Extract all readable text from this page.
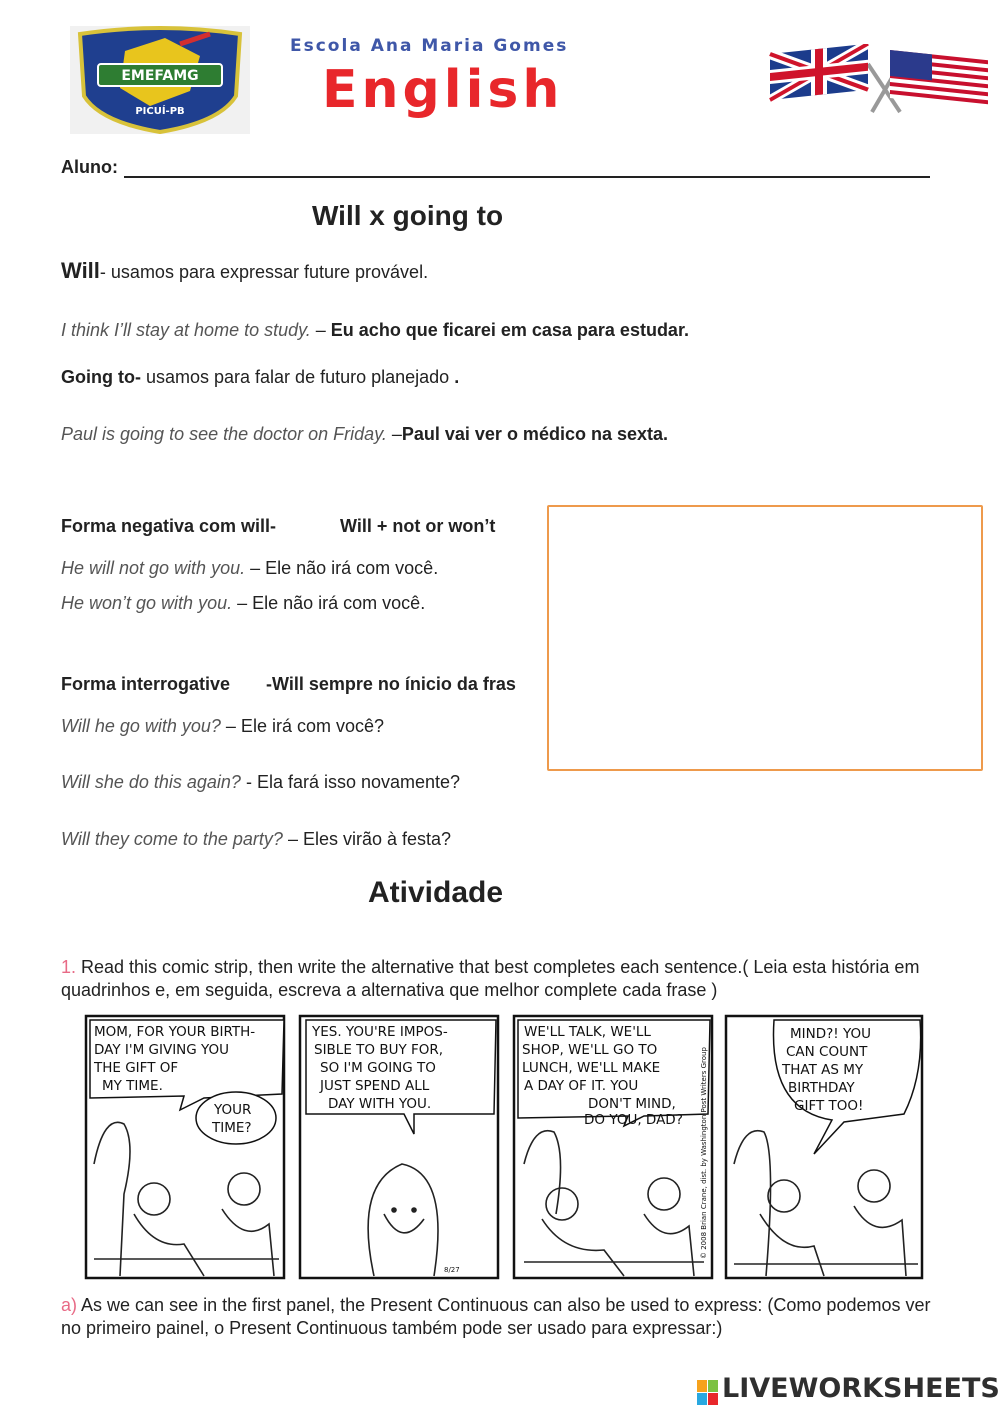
EMEFAMG
PICUÍ-PB
Escola Ana Maria Gomes
English
Aluno:
Will x going to
Will- usamos para expressar future provável.
I think I’ll stay at home to study. – Eu acho que ficarei em casa para estudar.
Going to- usamos para falar de futuro planejado .
Paul is going to see the doctor on Friday. –Paul vai ver o médico na sexta.
Forma negativa com will-	Will + not or won’t
He will not go with you. – Ele não irá com você.
He won’t go with you. – Ele não irá com você.
Forma interrogative -Will sempre no ínicio da fras
Will he go with you? – Ele irá com você?
Will she do this again? - Ela fará isso novamente?
Will they come to the party? – Eles virão à festa?
Atividade
1. Read this comic strip, then write the alternative that best completes each sentence.( Leia esta história em quadrinhos e, em seguida, escreva a alternativa que melhor complete cada frase )
MOM, FOR YOUR BIRTH-
DAY I'M GIVING YOU
THE GIFT OF
MY TIME.
YOUR
TIME?
YES. YOU'RE IMPOS-
SIBLE TO BUY FOR,
SO I'M GOING TO
JUST SPEND ALL
DAY WITH YOU.
8/27
WE'LL TALK, WE'LL
SHOP, WE'LL GO TO
LUNCH, WE'LL MAKE
A DAY OF IT. YOU
DON'T MIND,
DO YOU, DAD? © 2008 Brian Crane, dist. by Washington Post Writers Group
MIND?! YOU
CAN COUNT
THAT AS MY
BIRTHDAY
GIFT TOO!
a) As we can see in the first panel, the Present Continuous can also be used to express: (Como podemos ver no primeiro painel, o Present Continuous também pode ser usado para expressar:)
LIVEWORKSHEETS
